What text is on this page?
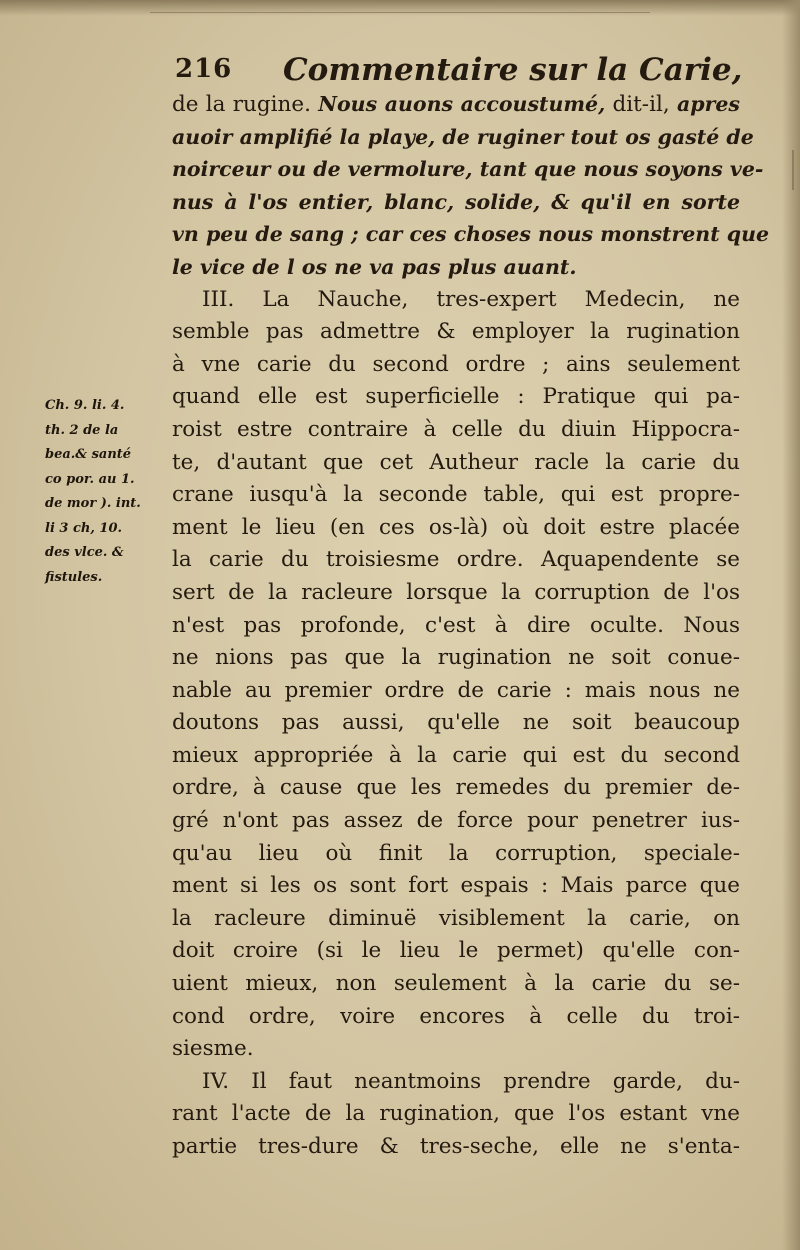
216 Commentaire sur la Carie,
de la rugine. Nous auons accoustumé, dit-il, apres
auoir amplifié la playe, de ruginer tout os gasté de
noirceur ou de vermolure, tant que nous soyons ve-
nus à l'os entier, blanc, solide, & qu'il en sorte
vn peu de sang ; car ces choses nous monstrent que
le vice de l os ne va pas plus auant.
III. La Nauche, tres-expert Medecin, ne
semble pas admettre & employer la rugination
à vne carie du second ordre ; ains seulement
quand elle est superficielle : Pratique qui pa-
roist estre contraire à celle du diuin Hippocra-
te, d'autant que cet Autheur racle la carie du
crane iusqu'à la seconde table, qui est propre-
ment le lieu (en ces os-là) où doit estre placée
la carie du troisiesme ordre. Aquapendente se
sert de la racleure lorsque la corruption de l'os
n'est pas profonde, c'est à dire oculte. Nous
ne nions pas que la rugination ne soit conue-
nable au premier ordre de carie : mais nous ne
doutons pas aussi, qu'elle ne soit beaucoup
mieux appropriée à la carie qui est du second
ordre, à cause que les remedes du premier de-
gré n'ont pas assez de force pour penetrer ius-
qu'au lieu où finit la corruption, speciale-
ment si les os sont fort espais : Mais parce que
la racleure diminuë visiblement la carie, on
doit croire (si le lieu le permet) qu'elle con-
uient mieux, non seulement à la carie du se-
cond ordre, voire encores à celle du troi-
siesme.
IV. Il faut neantmoins prendre garde, du-
rant l'acte de la rugination, que l'os estant vne
partie tres-dure & tres-seche, elle ne s'enta-
Ch. 9. li. 4.
th. 2 de la
bea.& santé
co por. au 1.
de mor ). int.
li 3 ch, 10.
des vlce. &
fistules.
